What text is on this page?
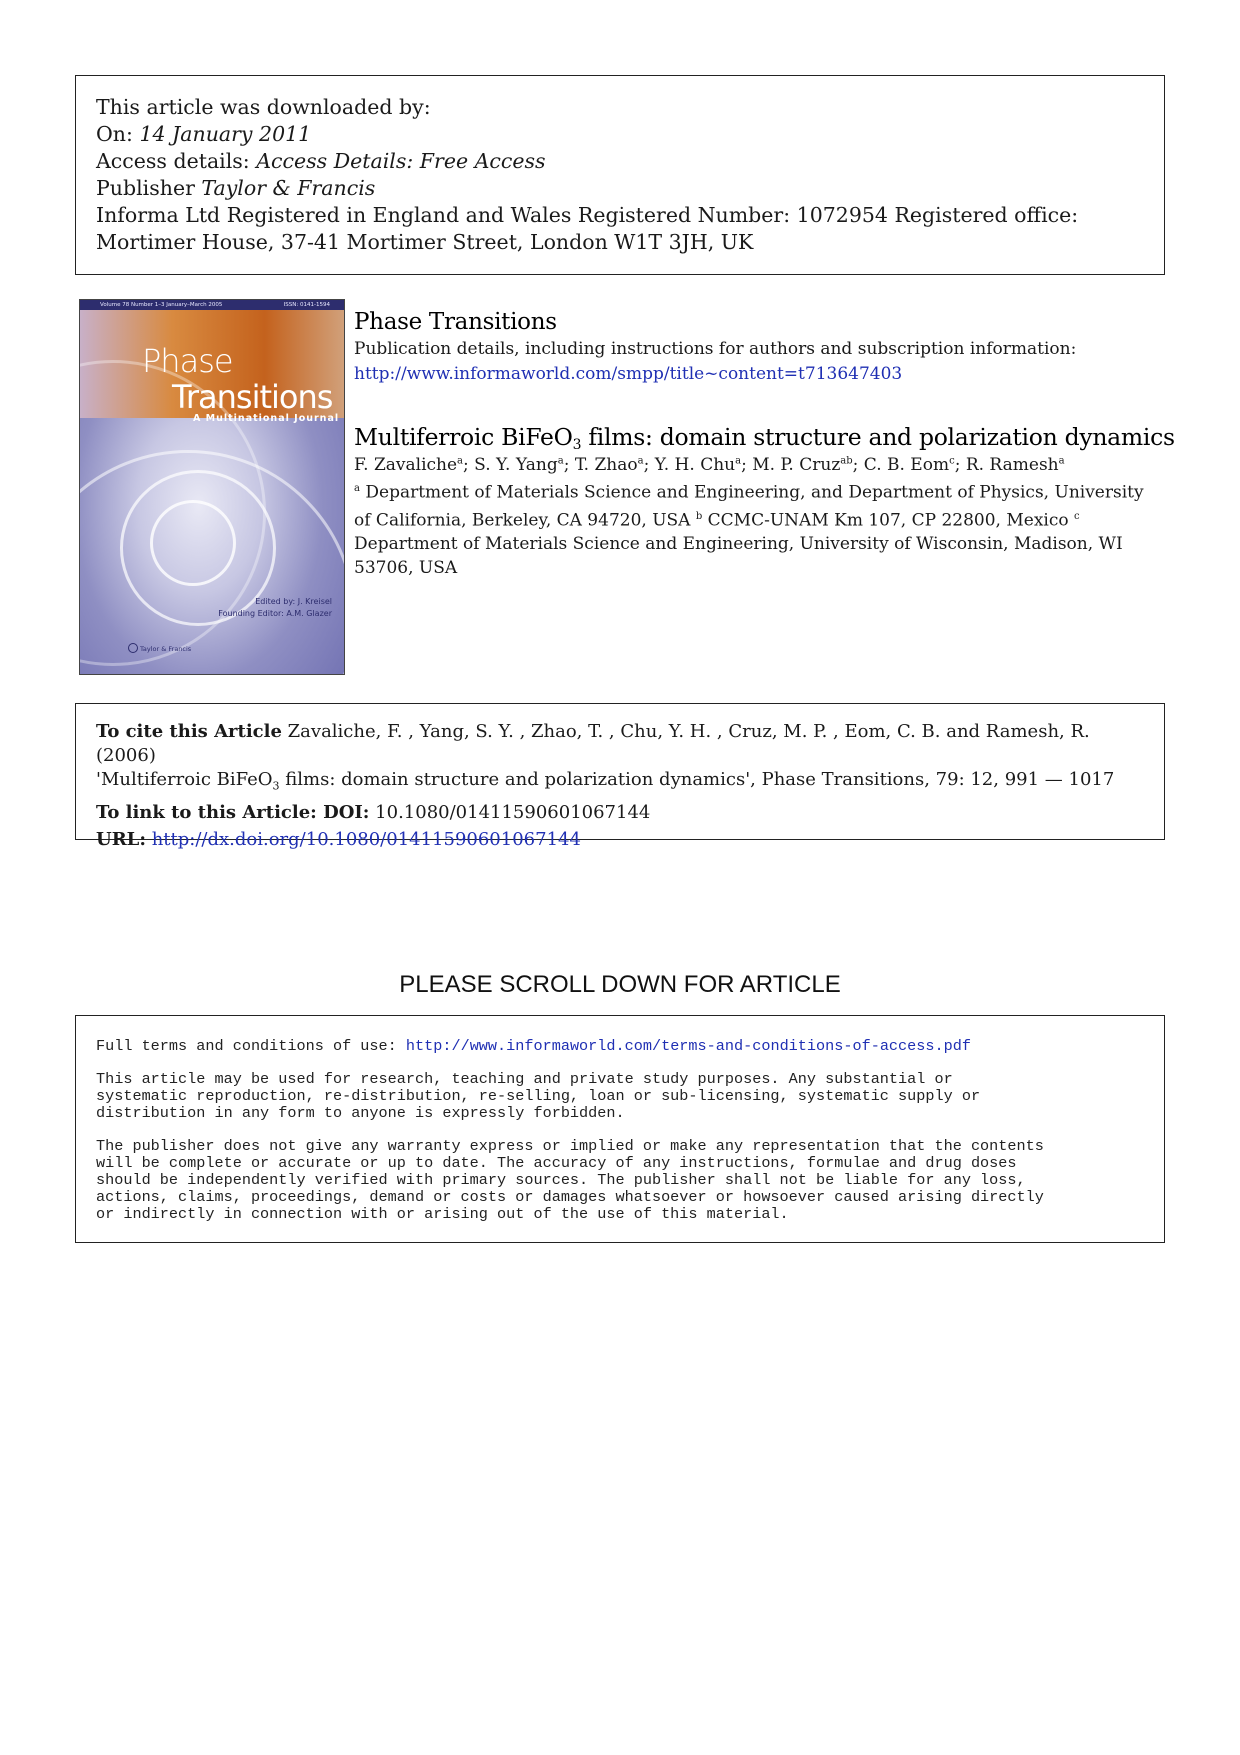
This article was downloaded by:
On: 14 January 2011
Access details: Access Details: Free Access
Publisher Taylor & Francis
Informa Ltd Registered in England and Wales Registered Number: 1072954 Registered office: Mortimer House, 37-41 Mortimer Street, London W1T 3JH, UK
Volume 78 Number 1–3 January–March 2005	ISSN: 0141-1594
Phase
Transitions
A Multinational Journal
Edited by: J. Kreisel
Founding Editor: A.M. Glazer
Taylor & Francis
Phase Transitions
Publication details, including instructions for authors and subscription information:
http://www.informaworld.com/smpp/title~content=t713647403
Multiferroic BiFeO$_3$ films: domain structure and polarization dynamics
F. Zavaliche$^a$; S. Y. Yang$^a$; T. Zhao$^a$; Y. H. Chu$^a$; M. P. Cruz$^{ab}$; C. B. Eom$^c$; R. Ramesh$^a$
$^a$ Department of Materials Science and Engineering, and Department of Physics, University of California, Berkeley, CA 94720, USA $^b$ CCMC-UNAM Km 107, CP 22800, Mexico $^c$ Department of Materials Science and Engineering, University of Wisconsin, Madison, WI 53706, USA
To cite this Article Zavaliche, F. , Yang, S. Y. , Zhao, T. , Chu, Y. H. , Cruz, M. P. , Eom, C. B. and Ramesh, R.(2006)
'Multiferroic BiFeO$_3$ films: domain structure and polarization dynamics', Phase Transitions, 79: 12, 991 — 1017
To link to this Article: DOI: 10.1080/01411590601067144
URL: http://dx.doi.org/10.1080/01411590601067144
PLEASE SCROLL DOWN FOR ARTICLE

Full terms and conditions of use: http://www.informaworld.com/terms-and-conditions-of-access.pdf

This article may be used for research, teaching and private study purposes. Any substantial or
systematic reproduction, re-distribution, re-selling, loan or sub-licensing, systematic supply or
distribution in any form to anyone is expressly forbidden.

The publisher does not give any warranty express or implied or make any representation that the contents
will be complete or accurate or up to date. The accuracy of any instructions, formulae and drug doses
should be independently verified with primary sources. The publisher shall not be liable for any loss,
actions, claims, proceedings, demand or costs or damages whatsoever or howsoever caused arising directly
or indirectly in connection with or arising out of the use of this material.
